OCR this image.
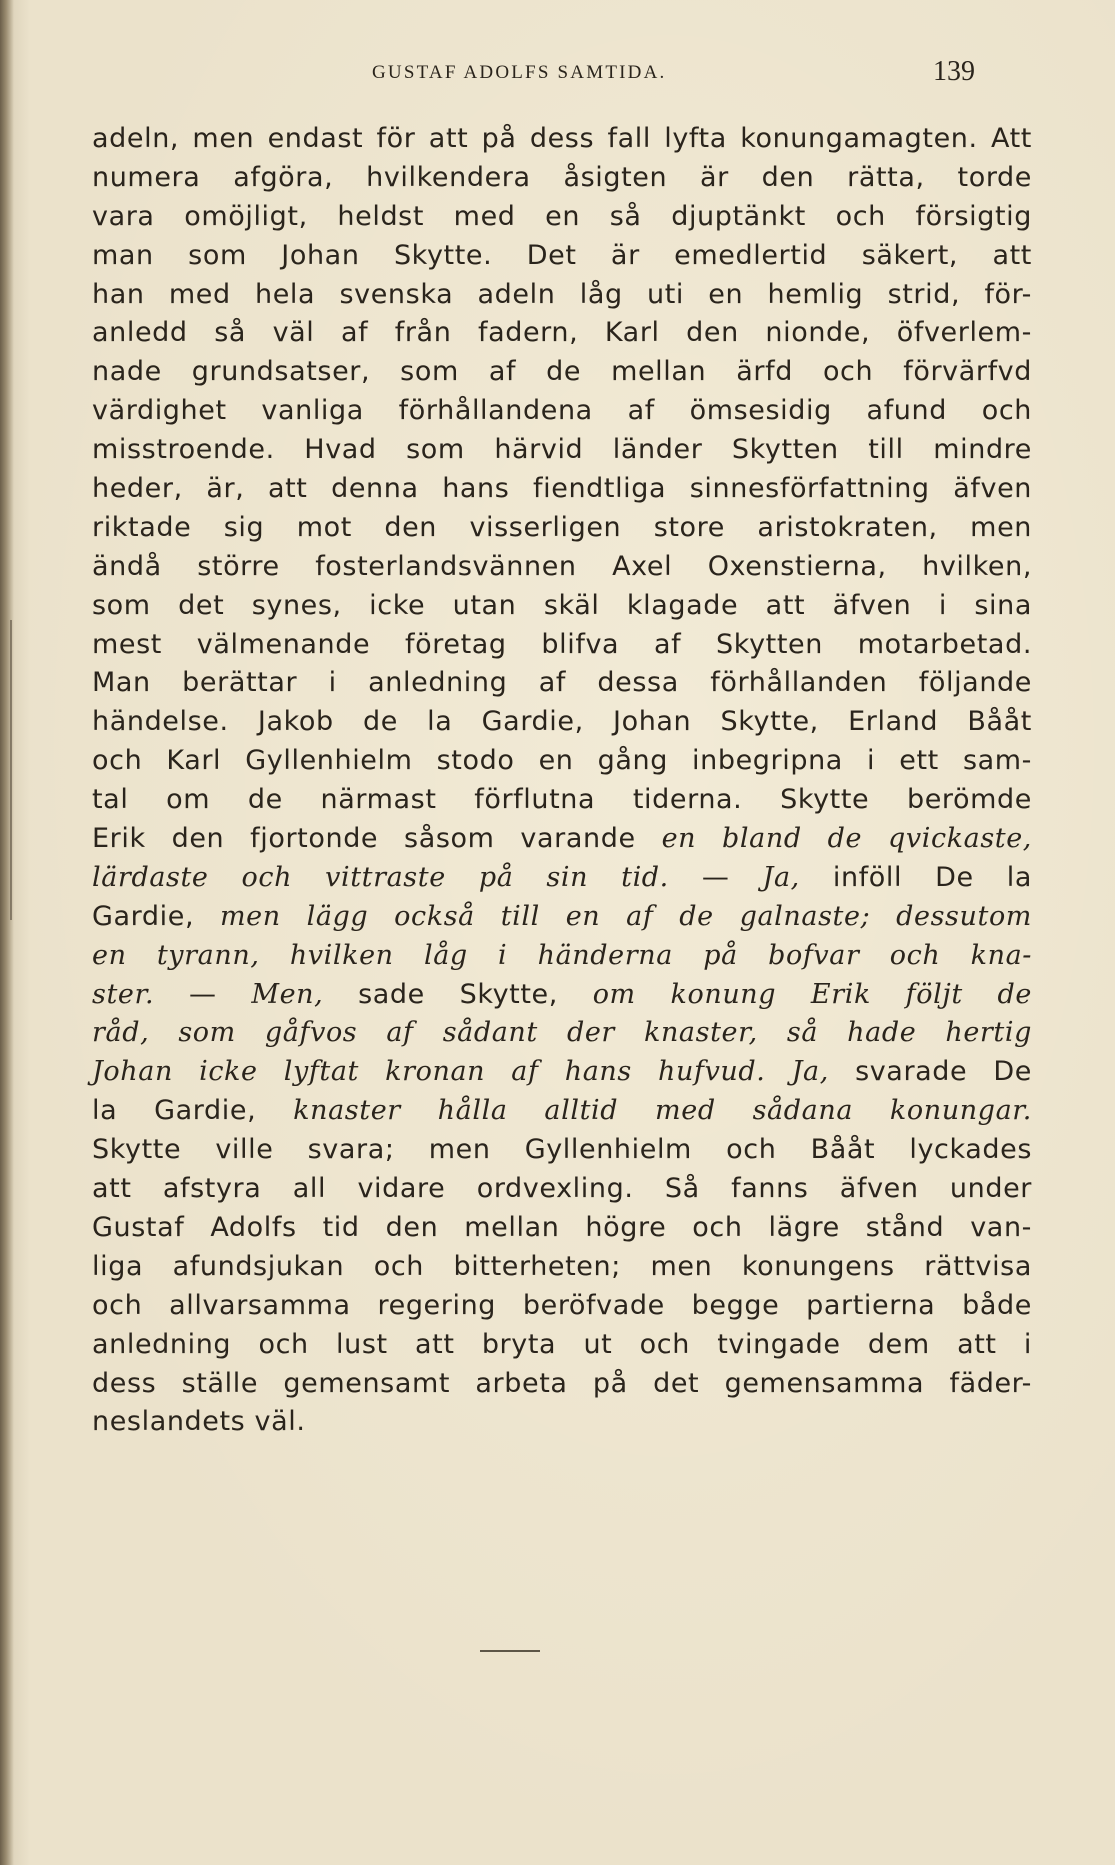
GUSTAF ADOLFS SAMTIDA.	139
adeln, men endast för att på dess fall lyfta konungamagten. Att
numera afgöra, hvilkendera åsigten är den rätta, torde
vara omöjligt, heldst med en så djuptänkt och försigtig
man som Johan Skytte. Det är emedlertid säkert, att
han med hela svenska adeln låg uti en hemlig strid, för-
anledd så väl af från fadern, Karl den nionde, öfverlem-
nade grundsatser, som af de mellan ärfd och förvärfvd
värdighet vanliga förhållandena af ömsesidig afund och
misstroende. Hvad som härvid länder Skytten till mindre
heder, är, att denna hans fiendtliga sinnesförfattning äfven
riktade sig mot den visserligen store aristokraten, men
ändå större fosterlandsvännen Axel Oxenstierna, hvilken,
som det synes, icke utan skäl klagade att äfven i sina
mest välmenande företag blifva af Skytten motarbetad.
Man berättar i anledning af dessa förhållanden följande
händelse. Jakob de la Gardie, Johan Skytte, Erland Bååt
och Karl Gyllenhielm stodo en gång inbegripna i ett sam-
tal om de närmast förflutna tiderna. Skytte berömde
Erik den fjortonde såsom varande en bland de qvickaste,
lärdaste och vittraste på sin tid. — Ja, inföll De la
Gardie, men lägg också till en af de galnaste; dessutom
en tyrann, hvilken låg i händerna på bofvar och kna-
ster. — Men, sade Skytte, om konung Erik följt de
råd, som gåfvos af sådant der knaster, så hade hertig
Johan icke lyftat kronan af hans hufvud. Ja, svarade De
la Gardie, knaster hålla alltid med sådana konungar.
Skytte ville svara; men Gyllenhielm och Bååt lyckades
att afstyra all vidare ordvexling. Så fanns äfven under
Gustaf Adolfs tid den mellan högre och lägre stånd van-
liga afundsjukan och bitterheten; men konungens rättvisa
och allvarsamma regering beröfvade begge partierna både
anledning och lust att bryta ut och tvingade dem att i
dess ställe gemensamt arbeta på det gemensamma fäder-
neslandets väl.
